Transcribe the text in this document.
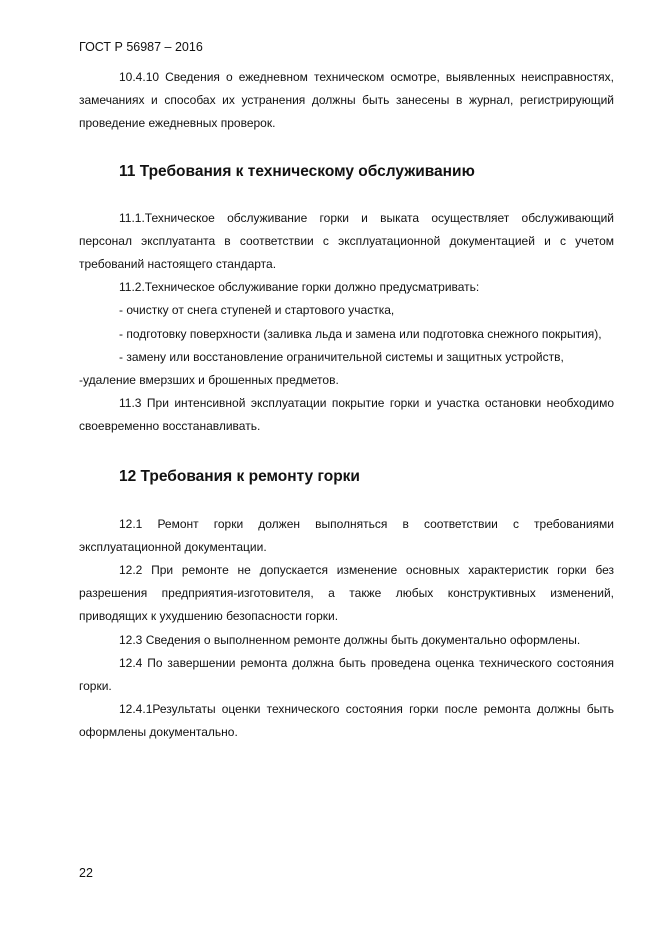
ГОСТ Р 56987 – 2016

10.4.10 Сведения о ежедневном техническом осмотре, выявленных неисправностях, замечаниях и способах их устранения должны быть занесены в журнал, регистрирующий проведение ежедневных проверок.

11 Требования к техническому обслуживанию

11.1.Техническое обслуживание горки и выката осуществляет обслуживающий персонал эксплуатанта в соответствии с эксплуатационной документацией и с учетом требований настоящего стандарта.

11.2.Техническое обслуживание горки должно предусматривать:

- очистку от снега ступеней и стартового участка,

- подготовку поверхности (заливка льда и замена или подготовка снежного покрытия),

- замену или восстановление ограничительной системы и защитных устройств,

-удаление вмерзших и брошенных предметов.

11.3 При интенсивной эксплуатации покрытие горки и участка остановки необходимо своевременно восстанавливать.

12 Требования к ремонту горки

12.1 Ремонт горки должен выполняться в соответствии с требованиями эксплуатационной документации.

12.2 При ремонте не допускается изменение основных характеристик горки без разрешения предприятия-изготовителя, а также любых конструктивных изменений, приводящих к ухудшению безопасности горки.

12.3 Сведения о выполненном ремонте должны быть документально оформлены.

12.4 По завершении ремонта должна быть проведена оценка технического состояния горки.

12.4.1Результаты оценки технического состояния горки после ремонта должны быть оформлены документально.

22
